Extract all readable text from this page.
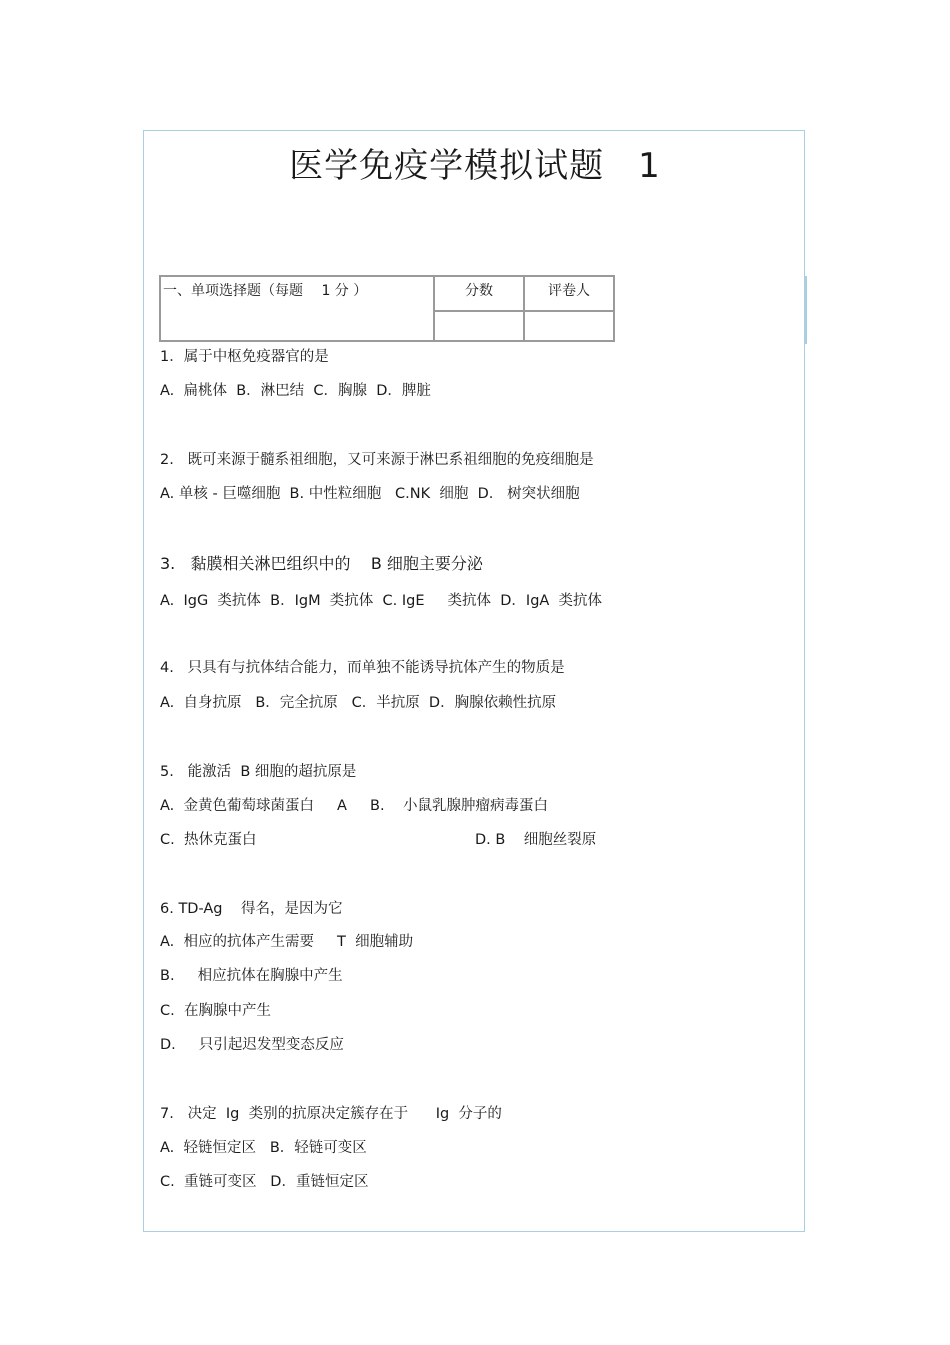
医学免疫学模拟试题 1
一、单项选择题（每题　 1 分 ）	分数	评卷人

1．属于中枢免疫器官的是
A.  扁桃体  B．淋巴结  C．胸腺  D．脾脏
2.   既可来源于髓系祖细胞，又可来源于淋巴系祖细胞的免疫细胞是
A. 单核 - 巨噬细胞  B. 中性粒细胞   C.NK  细胞  D.   树突状细胞
3.   黏膜相关淋巴组织中的    B 细胞主要分泌
A.  IgG  类抗体  B．IgM  类抗体  C. IgE     类抗体  D．IgA  类抗体
4.   只具有与抗体结合能力，而单独不能诱导抗体产生的物质是
A.  自身抗原   B．完全抗原   C．半抗原  D．胸腺依赖性抗原
5.   能激活  B 细胞的超抗原是
A.  金黄色葡萄球菌蛋白     A     B.    小鼠乳腺肿瘤病毒蛋白
C.  热休克蛋白	D. B    细胞丝裂原
6. TD-Ag    得名，是因为它
A.  相应的抗体产生需要     T  细胞辅助
B.     相应抗体在胸腺中产生
C.  在胸腺中产生
D.     只引起迟发型变态反应
7.   决定  Ig  类别的抗原决定簇存在于      Ig  分子的
A.  轻链恒定区   B．轻链可变区
C.  重链可变区   D．重链恒定区
